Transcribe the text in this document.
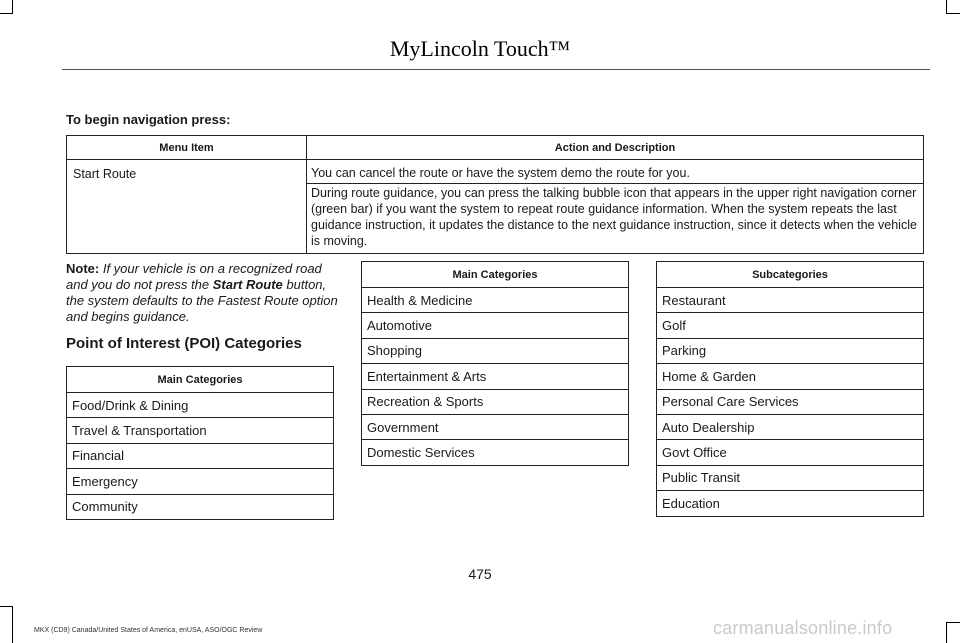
MyLincoln Touch™
To begin navigation press:
Menu Item	Action and Description
Start Route	You can cancel the route or have the system demo the route for you.
During route guidance, you can press the talking bubble icon that appears in the upper right navigation corner (green bar) if you want the system to repeat route guidance information. When the system repeats the last guidance instruction, it updates the distance to the next guidance instruction, since it detects when the vehicle is moving.
Note: If your vehicle is on a recognized road and you do not press the Start Route button, the system defaults to the Fastest Route option and begins guidance.
Point of Interest (POI) Categories
Main Categories
Food/Drink & Dining
Travel & Transportation
Financial
Emergency
Community
Main Categories
Health & Medicine
Automotive
Shopping
Entertainment & Arts
Recreation & Sports
Government
Domestic Services
Subcategories
Restaurant
Golf
Parking
Home & Garden
Personal Care Services
Auto Dealership
Govt Office
Public Transit
Education
475
MKX (CD9) Canada/United States of America, enUSA, ASO/OGC Review	carmanualsonline.info
